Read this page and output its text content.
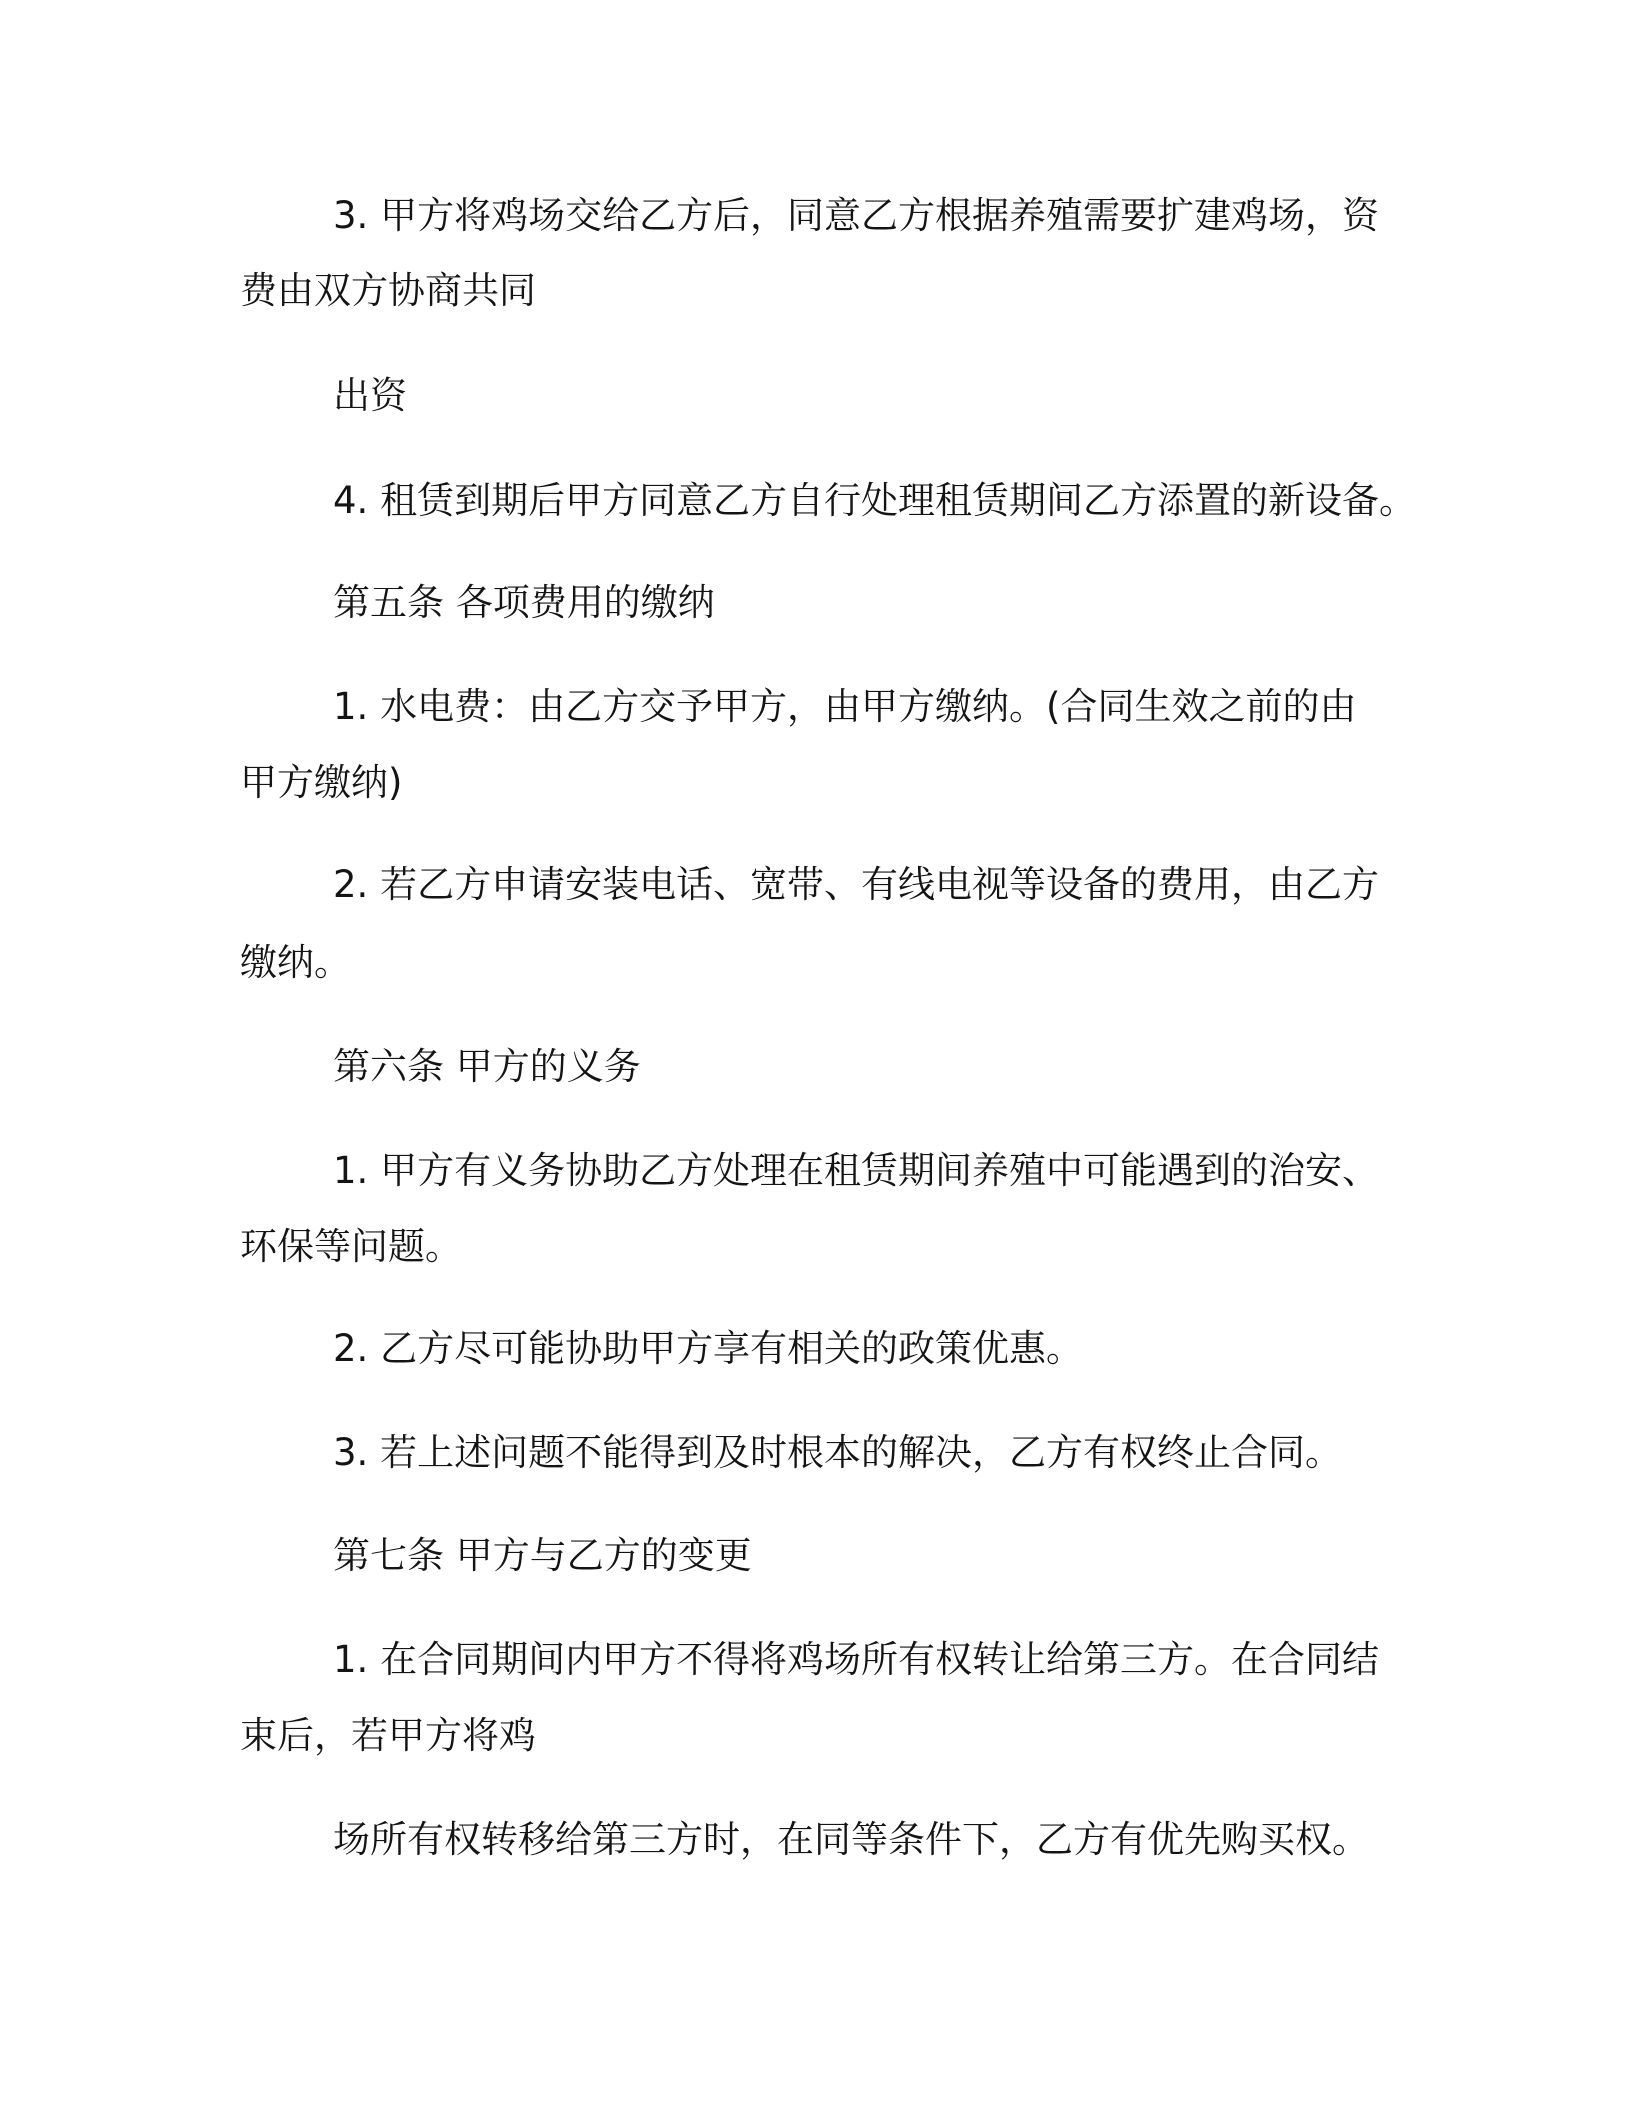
3. 甲方将鸡场交给乙方后，同意乙方根据养殖需要扩建鸡场，资
费由双方协商共同
出资
4. 租赁到期后甲方同意乙方自行处理租赁期间乙方添置的新设备。
第五条 各项费用的缴纳
1. 水电费：由乙方交予甲方，由甲方缴纳。(合同生效之前的由
甲方缴纳)
2. 若乙方申请安装电话、宽带、有线电视等设备的费用，由乙方
缴纳。
第六条 甲方的义务
1. 甲方有义务协助乙方处理在租赁期间养殖中可能遇到的治安、
环保等问题。
2. 乙方尽可能协助甲方享有相关的政策优惠。
3. 若上述问题不能得到及时根本的解决，乙方有权终止合同。
第七条 甲方与乙方的变更
1. 在合同期间内甲方不得将鸡场所有权转让给第三方。在合同结
束后，若甲方将鸡
场所有权转移给第三方时，在同等条件下，乙方有优先购买权。
